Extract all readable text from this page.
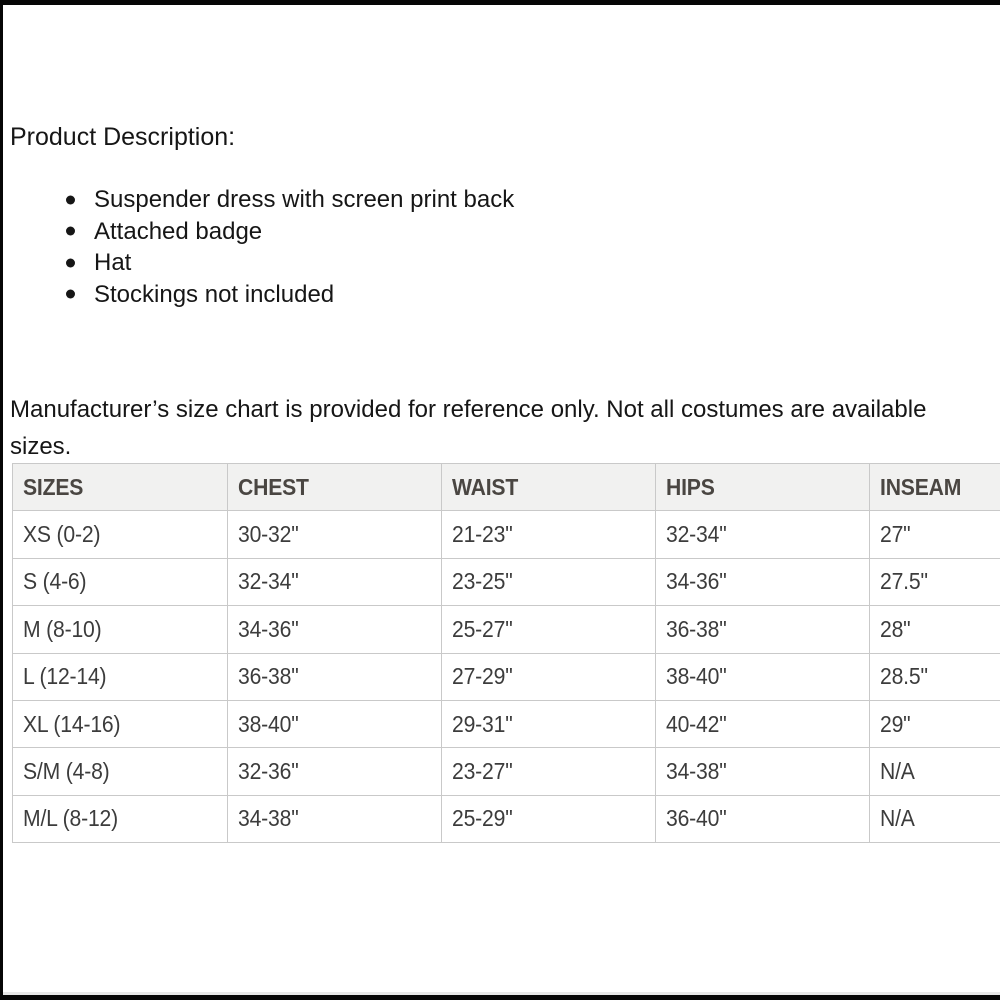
Product Description:
Suspender dress with screen print back
Attached badge
Hat
Stockings not included
Manufacturer’s size chart is provided for reference only. Not all costumes are available
sizes.
SIZES	CHEST	WAIST	HIPS	INSEAM
XS (0-2)	30-32"	21-23"	32-34"	27"
S (4-6)	32-34"	23-25"	34-36"	27.5"
M (8-10)	34-36"	25-27"	36-38"	28"
L (12-14)	36-38"	27-29"	38-40"	28.5"
XL (14-16)	38-40"	29-31"	40-42"	29"
S/M (4-8)	32-36"	23-27"	34-38"	N/A
M/L (8-12)	34-38"	25-29"	36-40"	N/A
